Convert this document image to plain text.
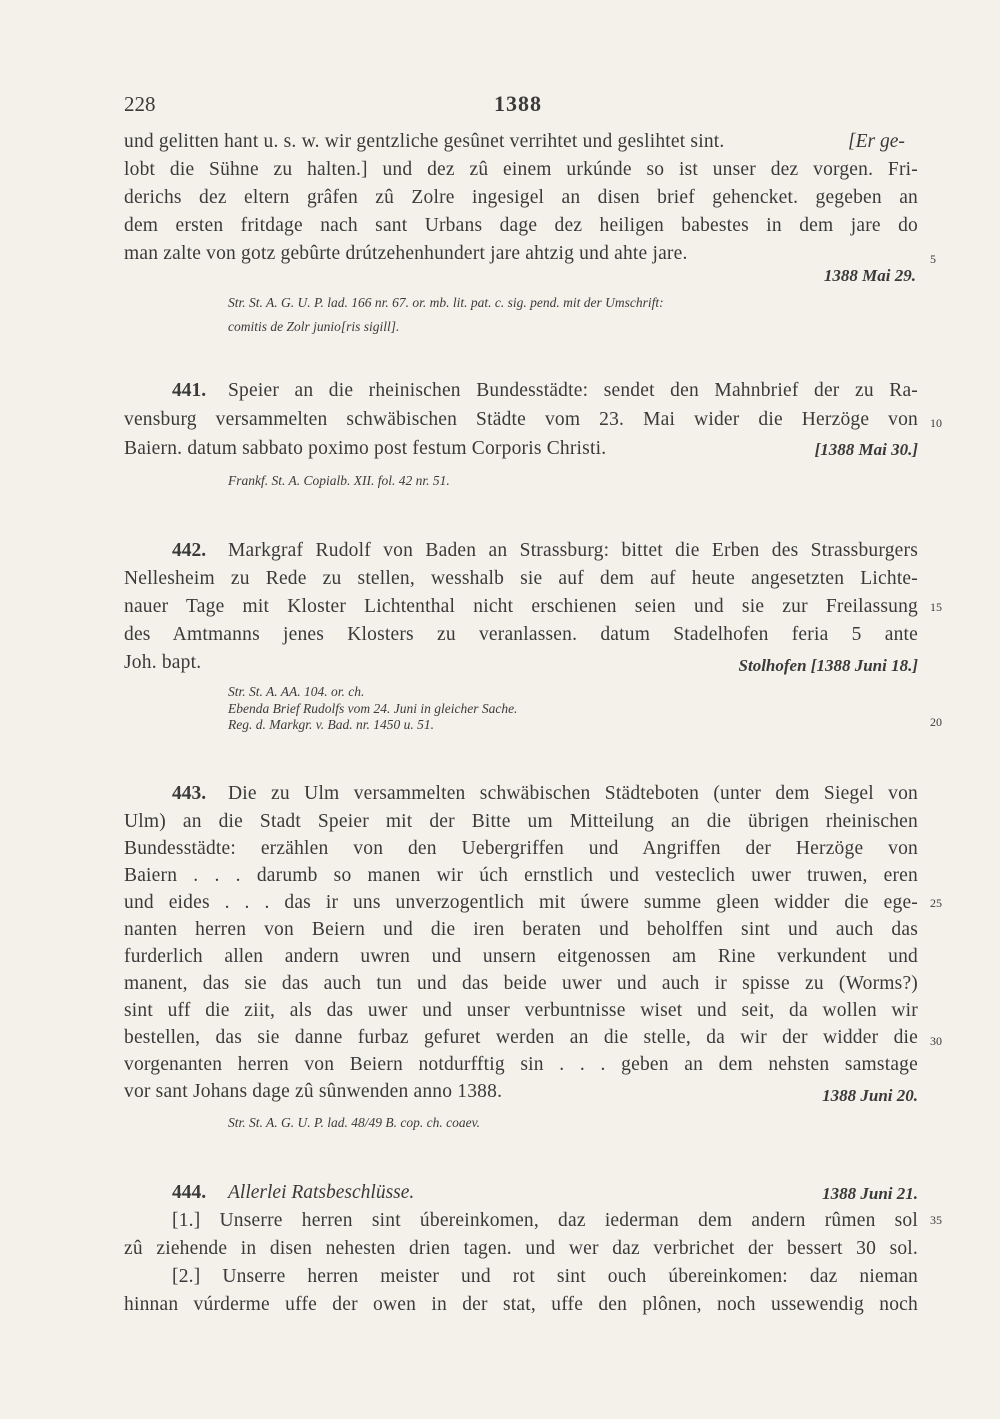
228	1388
5
10
15
20
25
30
35
und gelitten hant u. s. w. wir gentzliche gesûnet verrihtet und geslihtet sint.	[Er ge-
lobt die Sühne zu halten.] und dez zû einem urkúnde so ist unser dez vorgen. Fri-
derichs dez eltern grâfen zû Zolre ingesigel an disen brief gehencket. gegeben an
dem ersten fritdage nach sant Urbans dage dez heiligen babestes in dem jare do
man zalte von gotz gebûrte drútzehenhundert jare ahtzig und ahte jare.
1388 Mai 29.
Str. St. A. G. U. P. lad. 166 nr. 67. or. mb. lit. pat. c. sig. pend. mit der Umschrift:
comitis de Zolr junio[ris sigill].
441. Speier an die rheinischen Bundesstädte: sendet den Mahnbrief der zu Ra-
vensburg versammelten schwäbischen Städte vom 23. Mai wider die Herzöge von
Baiern. datum sabbato poximo post festum Corporis Christi.	[1388 Mai 30.]
Frankf. St. A. Copialb. XII. fol. 42 nr. 51.
442. Markgraf Rudolf von Baden an Strassburg: bittet die Erben des Strassburgers
Nellesheim zu Rede zu stellen, wesshalb sie auf dem auf heute angesetzten Lichte-
nauer Tage mit Kloster Lichtenthal nicht erschienen seien und sie zur Freilassung
des Amtmanns jenes Klosters zu veranlassen. datum Stadelhofen feria 5 ante
Joh. bapt.	Stolhofen [1388 Juni 18.]
Str. St. A. AA. 104. or. ch.
Ebenda Brief Rudolfs vom 24. Juni in gleicher Sache.
Reg. d. Markgr. v. Bad. nr. 1450 u. 51.
443. Die zu Ulm versammelten schwäbischen Städteboten (unter dem Siegel von
Ulm) an die Stadt Speier mit der Bitte um Mitteilung an die übrigen rheinischen
Bundesstädte: erzählen von den Uebergriffen und Angriffen der Herzöge von
Baiern . . . darumb so manen wir úch ernstlich und vesteclich uwer truwen, eren
und eides . . . das ir uns unverzogentlich mit úwere summe gleen widder die ege-
nanten herren von Beiern und die iren beraten und beholffen sint und auch das
furderlich allen andern uwren und unsern eitgenossen am Rine verkundent und
manent, das sie das auch tun und das beide uwer und auch ir spisse zu (Worms?)
sint uff die ziit, als das uwer und unser verbuntnisse wiset und seit, da wollen wir
bestellen, das sie danne furbaz gefuret werden an die stelle, da wir der widder die
vorgenanten herren von Beiern notdurfftig sin . . . geben an dem nehsten samstage
vor sant Johans dage zû sûnwenden anno 1388.	1388 Juni 20.
Str. St. A. G. U. P. lad. 48/49 B. cop. ch. coaev.
444. Allerlei Ratsbeschlüsse.	1388 Juni 21.
[1.] Unserre herren sint úbereinkomen, daz iederman dem andern rûmen sol
zû ziehende in disen nehesten drien tagen. und wer daz verbrichet der bessert 30 sol.
[2.] Unserre herren meister und rot sint ouch úbereinkomen: daz nieman
hinnan vúrderme uffe der owen in der stat, uffe den plônen, noch ussewendig noch
